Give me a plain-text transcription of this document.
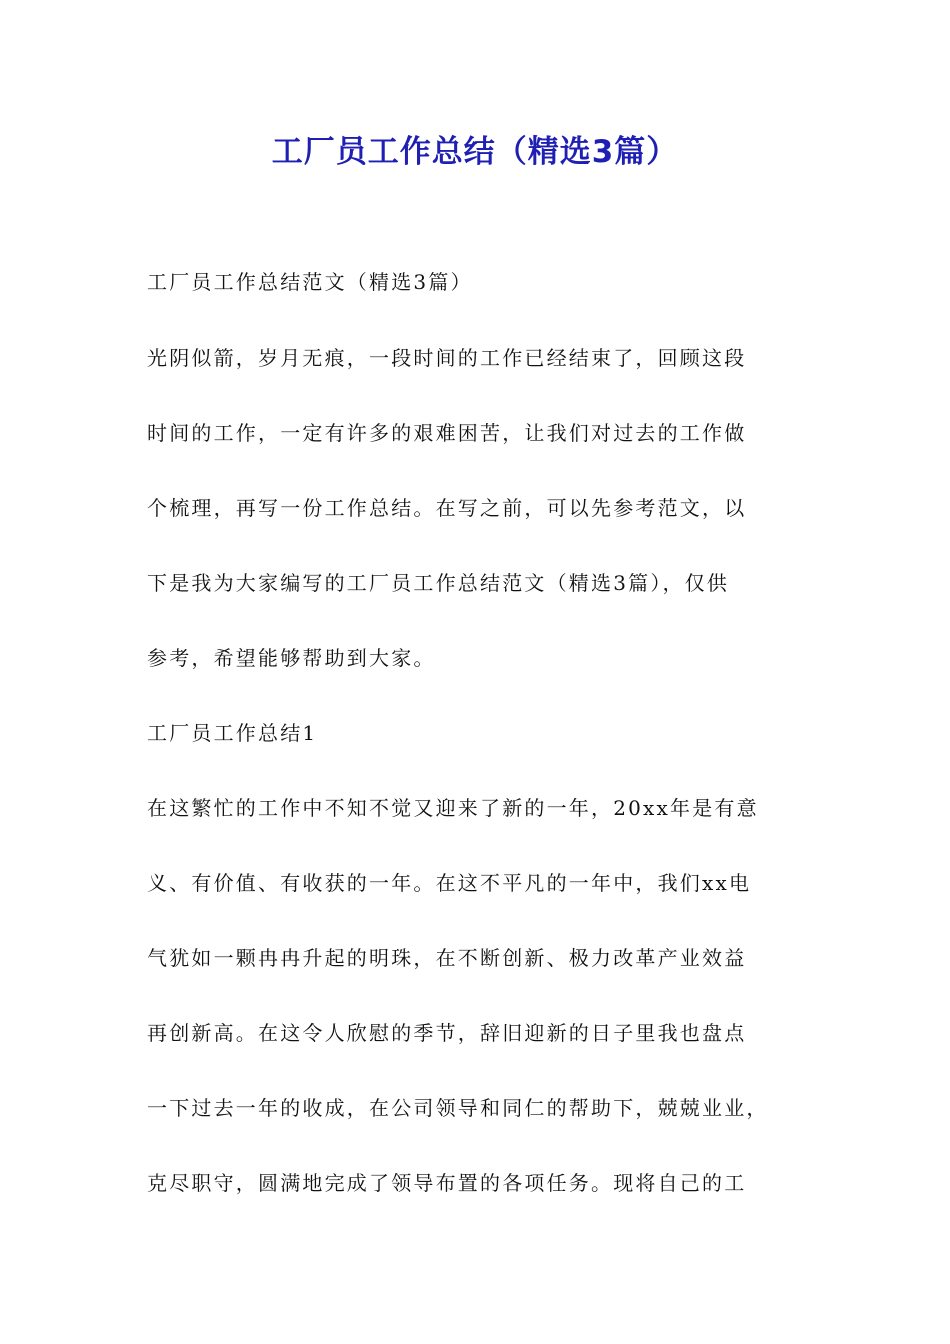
工厂员工作总结（精选3篇）
工厂员工作总结范文（精选3篇）
光阴似箭，岁月无痕，一段时间的工作已经结束了，回顾这段
时间的工作，一定有许多的艰难困苦，让我们对过去的工作做
个梳理，再写一份工作总结。在写之前，可以先参考范文，以
下是我为大家编写的工厂员工作总结范文（精选3篇），仅供
参考，希望能够帮助到大家。
工厂员工作总结1
在这繁忙的工作中不知不觉又迎来了新的一年，20xx年是有意
义、有价值、有收获的一年。在这不平凡的一年中，我们xx电
气犹如一颗冉冉升起的明珠，在不断创新、极力改革产业效益
再创新高。在这令人欣慰的季节，辞旧迎新的日子里我也盘点
一下过去一年的收成，在公司领导和同仁的帮助下，兢兢业业，
克尽职守，圆满地完成了领导布置的各项任务。现将自己的工
